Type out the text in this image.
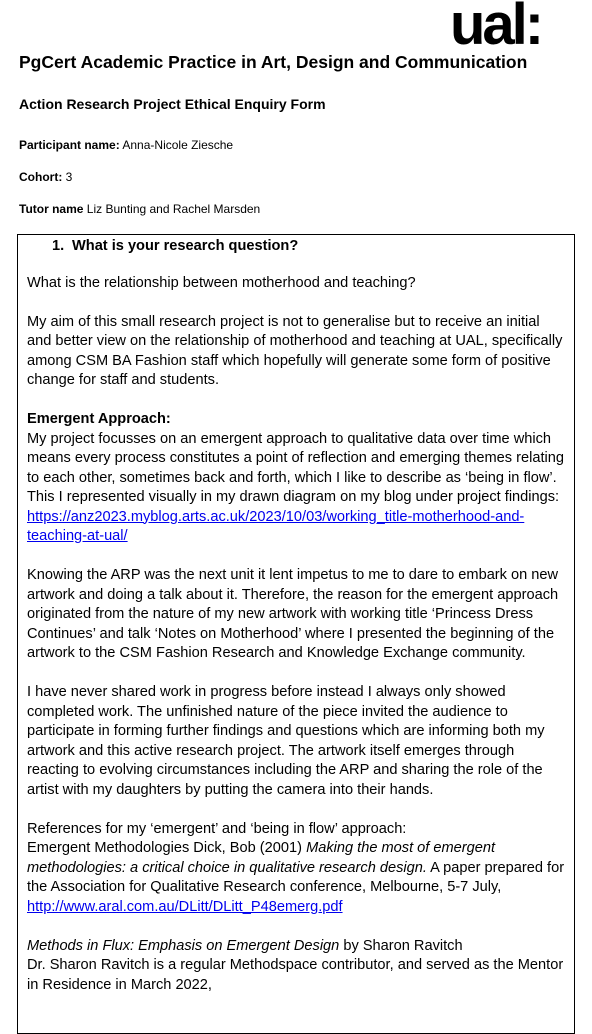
ual:
PgCert Academic Practice in Art, Design and Communication
Action Research Project Ethical Enquiry Form
Participant name: Anna-Nicole Ziesche
Cohort: 3
Tutor name Liz Bunting and Rachel Marsden
1. What is your research question?

What is the relationship between motherhood and teaching?

My aim of this small research project is not to generalise but to receive an initial and better view on the relationship of motherhood and teaching at UAL, specifically among CSM BA Fashion staff which hopefully will generate some form of positive change for staff and students.

Emergent Approach:
My project focusses on an emergent approach to qualitative data over time which means every process constitutes a point of reflection and emerging themes relating to each other, sometimes back and forth, which I like to describe as ‘being in flow’. This I represented visually in my drawn diagram on my blog under project findings: https://anz2023.myblog.arts.ac.uk/2023/10/03/working_title-motherhood-and-teaching-at-ual/

Knowing the ARP was the next unit it lent impetus to me to dare to embark on new artwork and doing a talk about it. Therefore, the reason for the emergent approach originated from the nature of my new artwork with working title ‘Princess Dress Continues’ and talk ‘Notes on Motherhood’ where I presented the beginning of the artwork to the CSM Fashion Research and Knowledge Exchange community.

I have never shared work in progress before instead I always only showed completed work. The unfinished nature of the piece invited the audience to participate in forming further findings and questions which are informing both my artwork and this active research project. The artwork itself emerges through reacting to evolving circumstances including the ARP and sharing the role of the artist with my daughters by putting the camera into their hands.

References for my ‘emergent’ and ‘being in flow’ approach:
Emergent Methodologies Dick, Bob (2001) Making the most of emergent methodologies: a critical choice in qualitative research design. A paper prepared for the Association for Qualitative Research conference, Melbourne, 5-7 July, http://www.aral.com.au/DLitt/DLitt_P48emerg.pdf

Methods in Flux: Emphasis on Emergent Design by Sharon Ravitch
Dr. Sharon Ravitch is a regular Methodspace contributor, and served as the Mentor in Residence in March 2022,
